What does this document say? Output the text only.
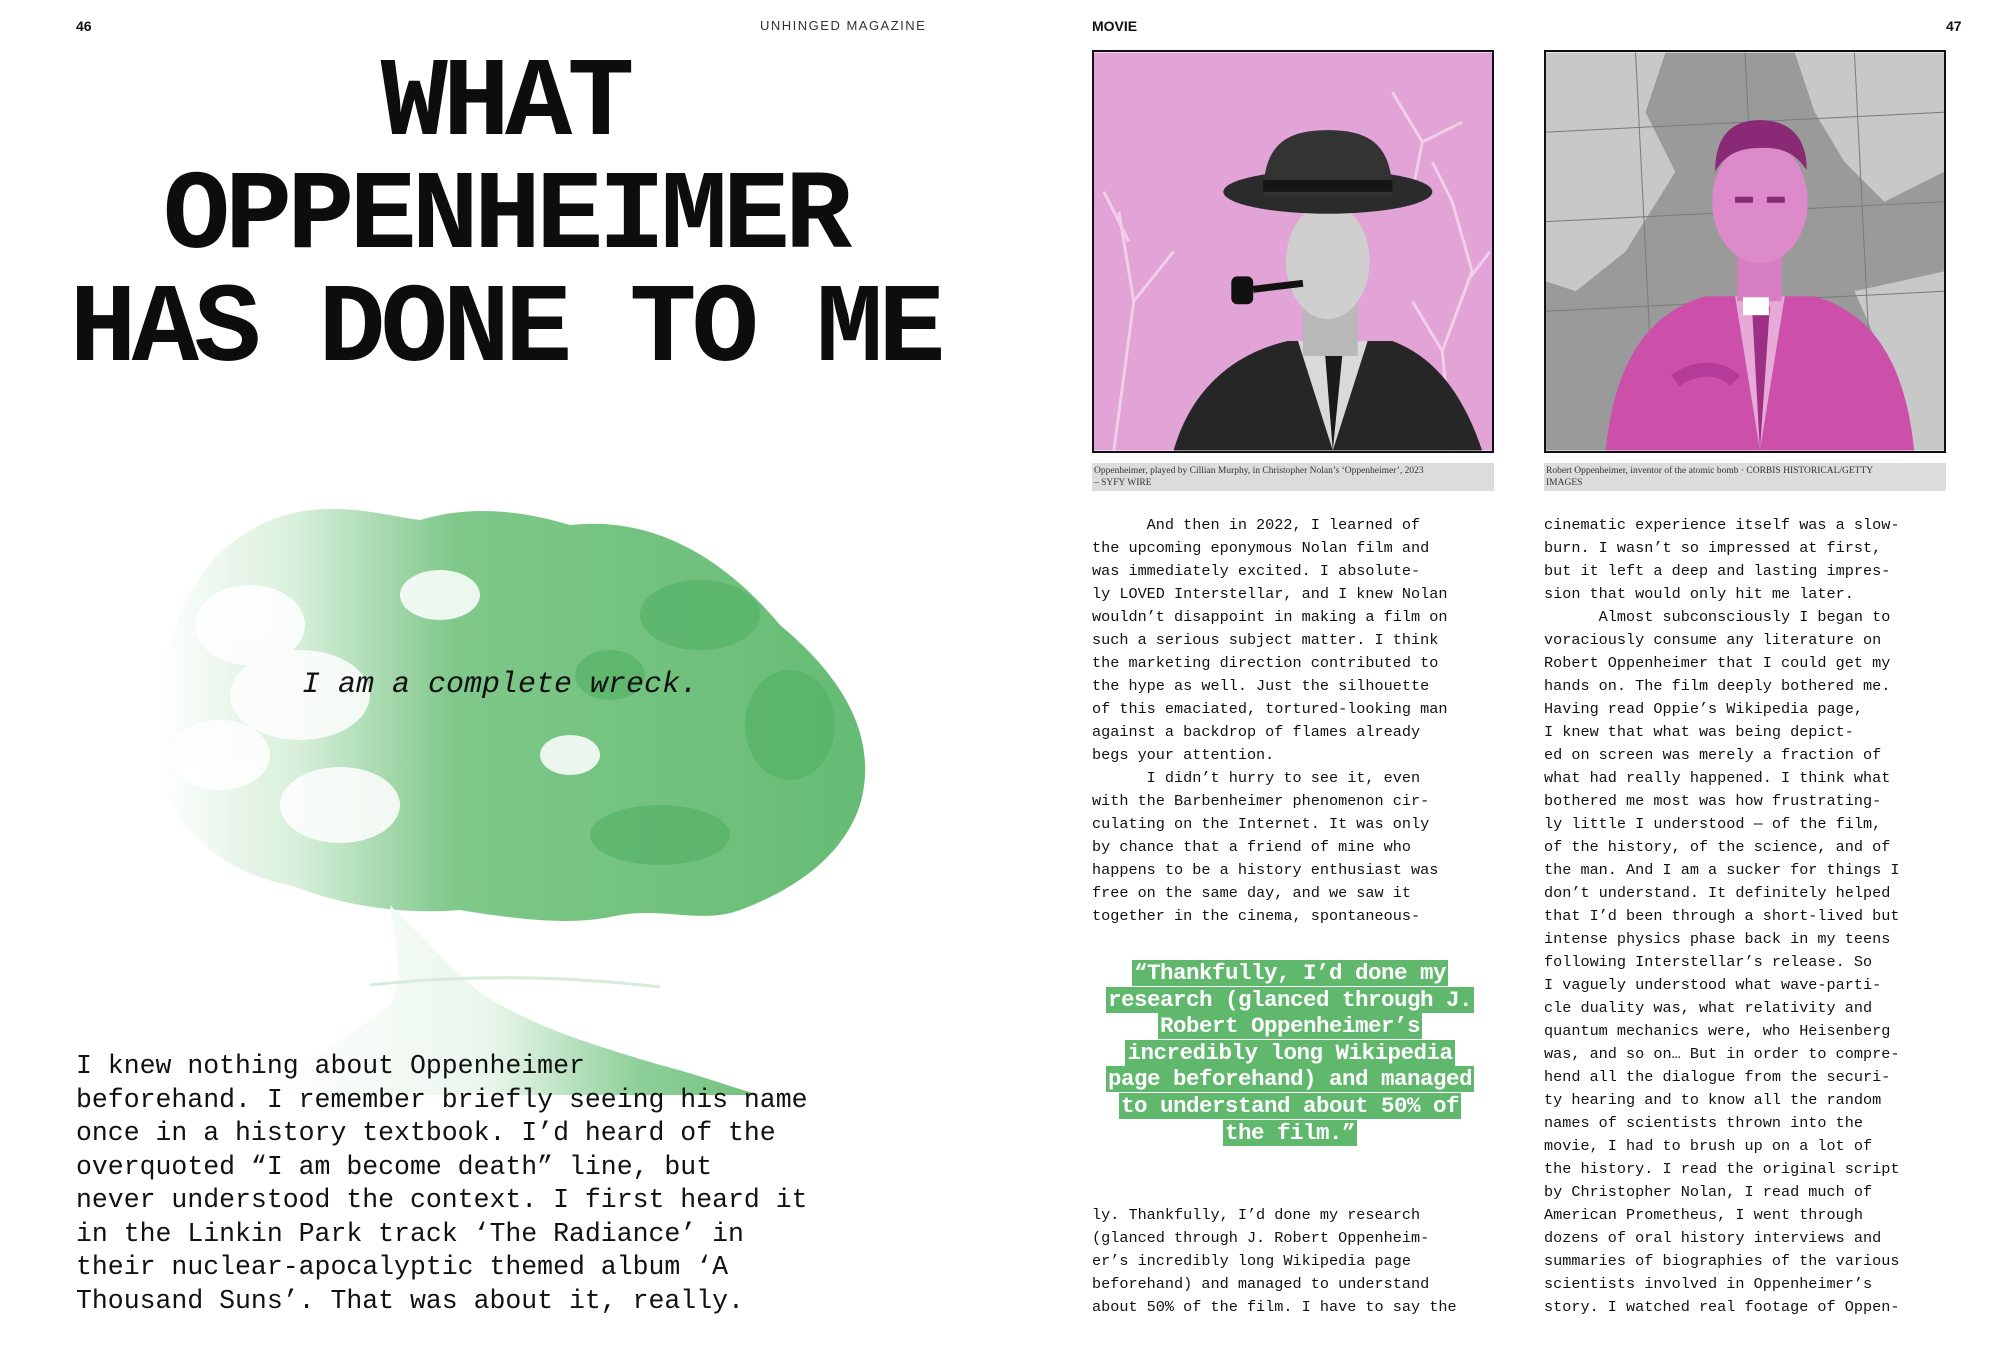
46	UNHINGED MAGAZINE
WHAT OPPENHEIMER HAS DONE TO ME
I am a complete wreck.
I knew nothing about Oppenheimer
beforehand. I remember briefly seeing his name
once in a history textbook. I’d heard of the
overquoted “I am become death” line, but
never understood the context. I first heard it
in the Linkin Park track ‘The Radiance’ in
their nuclear-apocalyptic themed album ‘A
Thousand Suns’. That was about it, really.
MOVIE	47
Oppenheimer, played by Cillian Murphy, in Christopher Nolan’s ‘Oppenheimer’, 2023
– SYFY WIRE
Robert Oppenheimer, inventor of the atomic bomb · CORBIS HISTORICAL/GETTY
IMAGES
And then in 2022, I learned of
the upcoming eponymous Nolan film and
was immediately excited. I absolute-
ly LOVED Interstellar, and I knew Nolan
wouldn’t disappoint in making a film on
such a serious subject matter. I think
the marketing direction contributed to
the hype as well. Just the silhouette
of this emaciated, tortured-looking man
against a backdrop of flames already
begs your attention.
I didn’t hurry to see it, even
with the Barbenheimer phenomenon cir-
culating on the Internet. It was only
by chance that a friend of mine who
happens to be a history enthusiast was
free on the same day, and we saw it
together in the cinema, spontaneous-
ly. Thankfully, I’d done my research
(glanced through J. Robert Oppenheim-
er’s incredibly long Wikipedia page
beforehand) and managed to understand
about 50% of the film. I have to say the
cinematic experience itself was a slow-
burn. I wasn’t so impressed at first,
but it left a deep and lasting impres-
sion that would only hit me later.
Almost subconsciously I began to
voraciously consume any literature on
Robert Oppenheimer that I could get my
hands on. The film deeply bothered me.
Having read Oppie’s Wikipedia page,
I knew that what was being depict-
ed on screen was merely a fraction of
what had really happened. I think what
bothered me most was how frustrating-
ly little I understood — of the film,
of the history, of the science, and of
the man. And I am a sucker for things I
don’t understand. It definitely helped
that I’d been through a short-lived but
intense physics phase back in my teens
following Interstellar’s release. So
I vaguely understood what wave-parti-
cle duality was, what relativity and
quantum mechanics were, who Heisenberg
was, and so on… But in order to compre-
hend all the dialogue from the securi-
ty hearing and to know all the random
names of scientists thrown into the
movie, I had to brush up on a lot of
the history. I read the original script
by Christopher Nolan, I read much of
American Prometheus, I went through
dozens of oral history interviews and
summaries of biographies of the various
scientists involved in Oppenheimer’s
story. I watched real footage of Oppen-
“Thankfully, I’d done my research (glanced through J. Robert Oppenheimer’s incredibly long Wikipedia page beforehand) and managed to understand about 50% of the film.”
